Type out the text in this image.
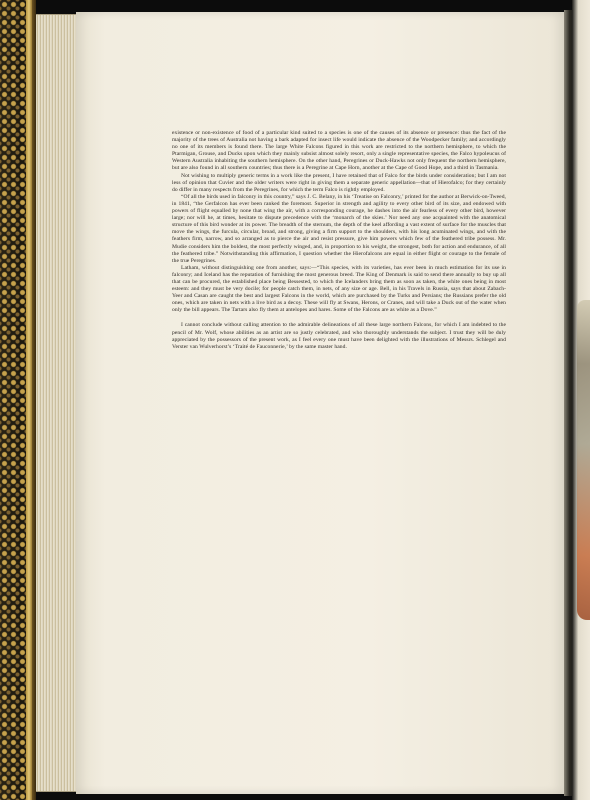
existence or non-existence of food of a particular kind suited to a species is one of the causes of its absence or presence: thus the fact of the majority of the trees of Australia not having a bark adapted for insect life would indicate the absence of the Woodpecker family; and accordingly no one of its members is found there. The large White Falcons figured in this work are restricted to the northern hemisphere, to which the Ptarmigan, Grouse, and Ducks upon which they mainly subsist almost solely resort, only a single representative species, the Falco hypoleucus of Western Australia inhabiting the southern hemisphere. On the other hand, Peregrines or Duck-Hawks not only frequent the northern hemisphere, but are also found in all southern countries; thus there is a Peregrine at Cape Horn, another at the Cape of Good Hope, and a third in Tasmania.

Not wishing to multiply generic terms in a work like the present, I have retained that of Falco for the birds under consideration; but I am not less of opinion that Cuvier and the older writers were right in giving them a separate generic appellation—that of Hierofalco; for they certainly do differ in many respects from the Peregrines, for which the term Falco is rightly employed.

“Of all the birds used in falconry in this country,” says J. C. Belany, in his ‘Treatise on Falconry,’ printed for the author at Berwick-on-Tweed, in 1841, “the Gerfalcon has ever been ranked the foremost. Superior in strength and agility to every other bird of its size, and endowed with powers of flight equalled by none that wing the air, with a corresponding courage, he dashes into the air fearless of every other bird, however large; nor will he, at times, hesitate to dispute precedence with the ‘monarch of the skies.’ Nor need any one acquainted with the anatomical structure of this bird wonder at its power. The breadth of the sternum, the depth of the keel affording a vast extent of surface for the muscles that move the wings, the furcula, circular, broad, and strong, giving a firm support to the shoulders, with his long acuminated wings, and with the feathers firm, narrow, and so arranged as to pierce the air and resist pressure, give him powers which few of the feathered tribe possess. Mr. Mudie considers him the boldest, the most perfectly winged, and, in proportion to his weight, the strongest, both for action and endurance, of all the feathered tribe.” Notwithstanding this affirmation, I question whether the Hierofalcons are equal in either flight or courage to the female of the true Peregrines.

Latham, without distinguishing one from another, says:—“This species, with its varieties, has ever been in much estimation for its use in falconry; and Iceland has the reputation of furnishing the most generous breed. The King of Denmark is said to send there annually to buy up all that can be procured, the established place being Bessested, to which the Icelanders bring them as soon as taken, the white ones being in most esteem: and they must be very docile; for people catch them, in nets, of any size or age. Bell, in his Travels in Russia, says that about Zabach-Yeer and Casan are caught the best and largest Falcons in the world, which are purchased by the Turks and Persians; the Russians prefer the old ones, which are taken in nets with a live bird as a decoy. These will fly at Swans, Herons, or Cranes, and will take a Duck out of the water when only the bill appears. The Tartars also fly them at antelopes and hares. Some of the Falcons are as white as a Dove.”

I cannot conclude without calling attention to the admirable delineations of all these large northern Falcons, for which I am indebted to the pencil of Mr. Wolf, whose abilities as an artist are so justly celebrated, and who thoroughly understands the subject. I trust they will be duly appreciated by the possessors of the present work, as I feel every one must have been delighted with the illustrations of Messrs. Schlegel and Verster van Wulverhorst’s ‘Traité de Fauconnerie,’ by the same master hand.
